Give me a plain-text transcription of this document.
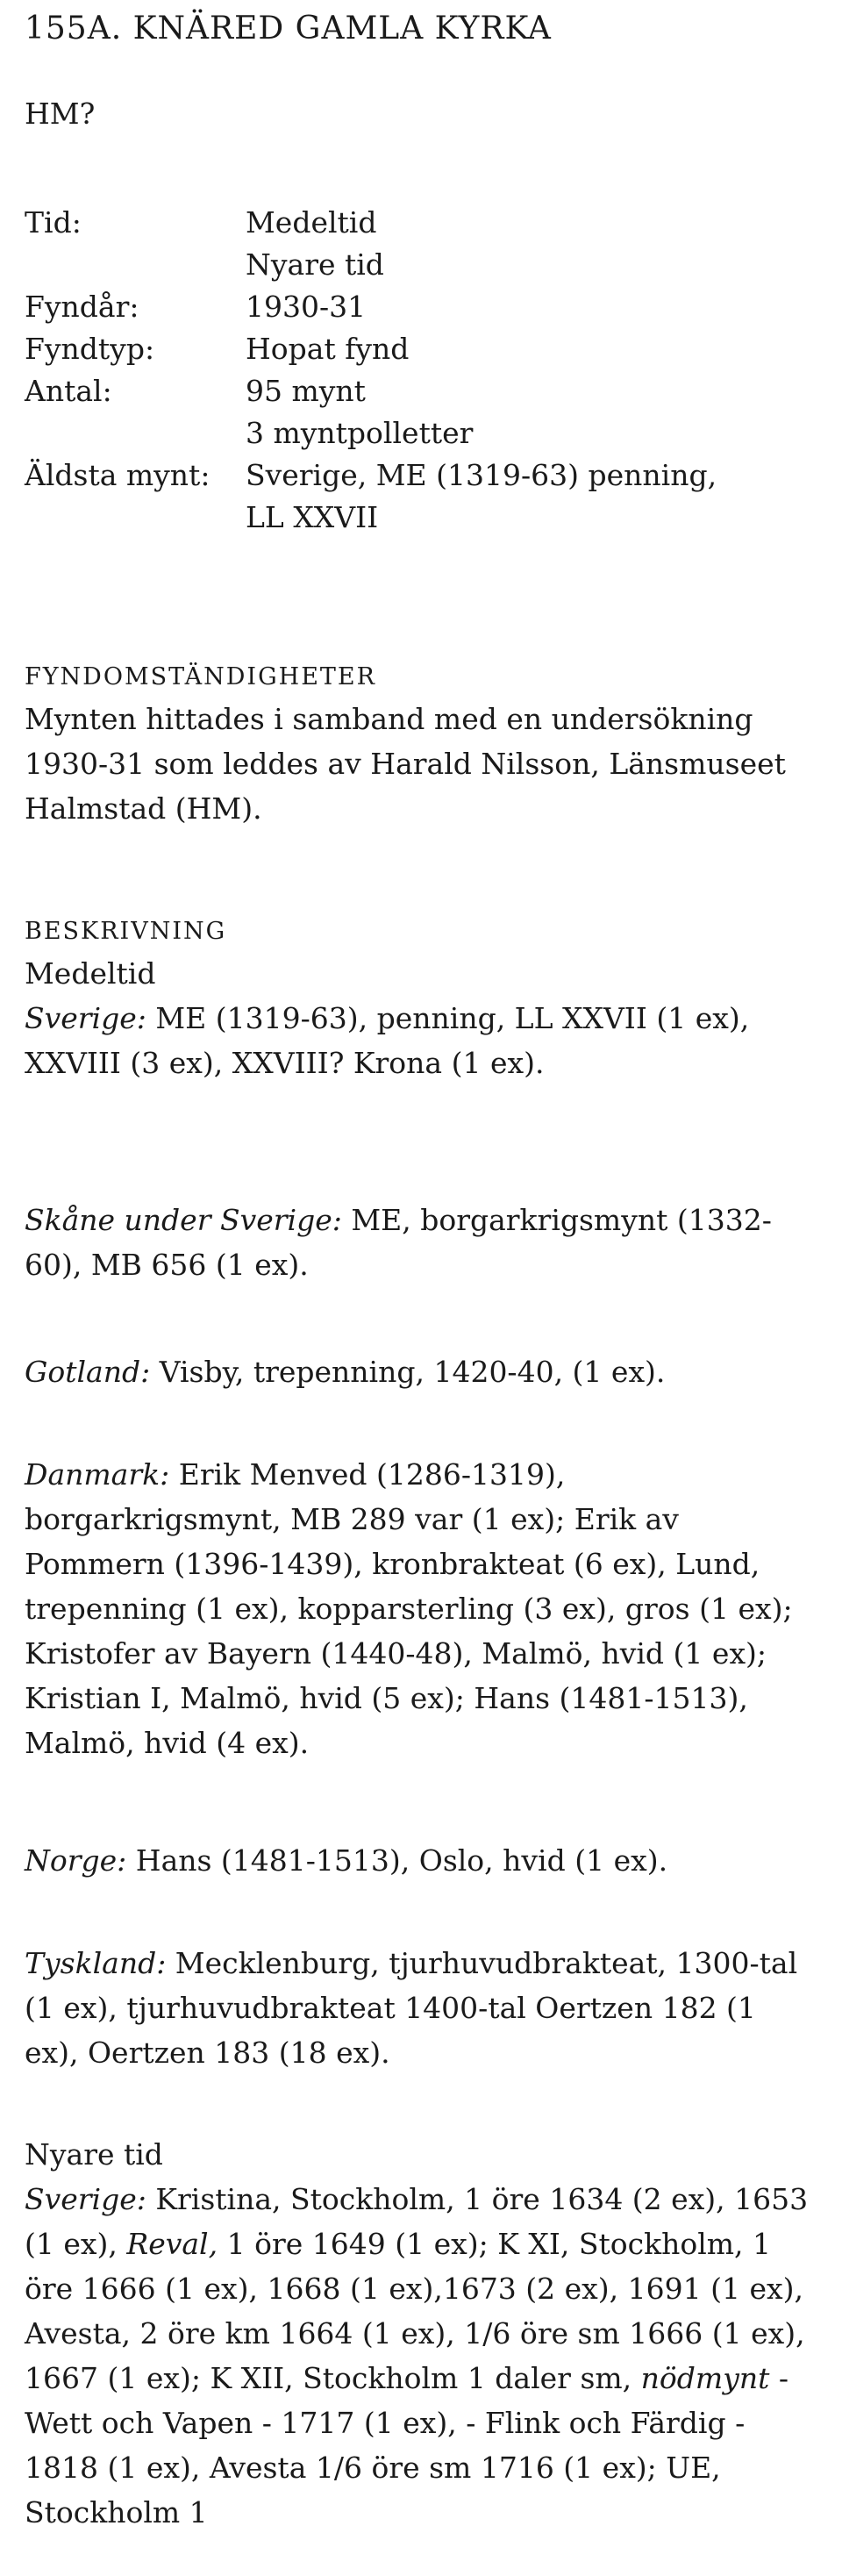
155A. KNÄRED GAMLA KYRKA

HM?

Tid:	Medeltid
	Nyare tid
Fyndår:	1930-31
Fyndtyp:	Hopat fynd
Antal:	95 mynt
	3 myntpolletter
Äldsta mynt:	Sverige, ME (1319-63) penning,
	LL XXVII
FYNDOMSTÄNDIGHETER

Mynten hittades i samband med en undersökning 1930-31 som leddes av Harald Nilsson, Länsmuseet Halmstad (HM).

BESKRIVNING

Medeltid

Sverige: ME (1319-63), penning, LL XXVII (1 ex), XXVIII (3 ex), XXVIII? Krona (1 ex).

Skåne under Sverige: ME, borgarkrigsmynt (1332-60), MB 656 (1 ex).

Gotland: Visby, trepenning, 1420-40, (1 ex).

Danmark: Erik Menved (1286-1319), borgarkrigsmynt, MB 289 var (1 ex); Erik av Pommern (1396-1439), kronbrakteat (6 ex), Lund, trepenning (1 ex), kopparsterling (3 ex), gros (1 ex); Kristofer av Bayern (1440-48), Malmö, hvid (1 ex); Kristian I, Malmö, hvid (5 ex); Hans (1481-1513), Malmö, hvid (4 ex).

Norge: Hans (1481-1513), Oslo, hvid (1 ex).

Tyskland: Mecklenburg, tjurhuvudbrakteat, 1300-tal (1 ex), tjurhuvudbrakteat 1400-tal Oertzen 182 (1 ex), Oertzen 183 (18 ex).

Nyare tid

Sverige: Kristina, Stockholm, 1 öre 1634 (2 ex), 1653 (1 ex), Reval, 1 öre 1649 (1 ex); K XI, Stockholm, 1 öre 1666 (1 ex), 1668 (1 ex),1673 (2 ex), 1691 (1 ex), Avesta, 2 öre km 1664 (1 ex), 1/6 öre sm 1666 (1 ex), 1667 (1 ex); K XII, Stockholm 1 daler sm, nödmynt - Wett och Vapen - 1717 (1 ex), - Flink och Färdig - 1818 (1 ex), Avesta 1/6 öre sm 1716 (1 ex); UE, Stockholm 1
